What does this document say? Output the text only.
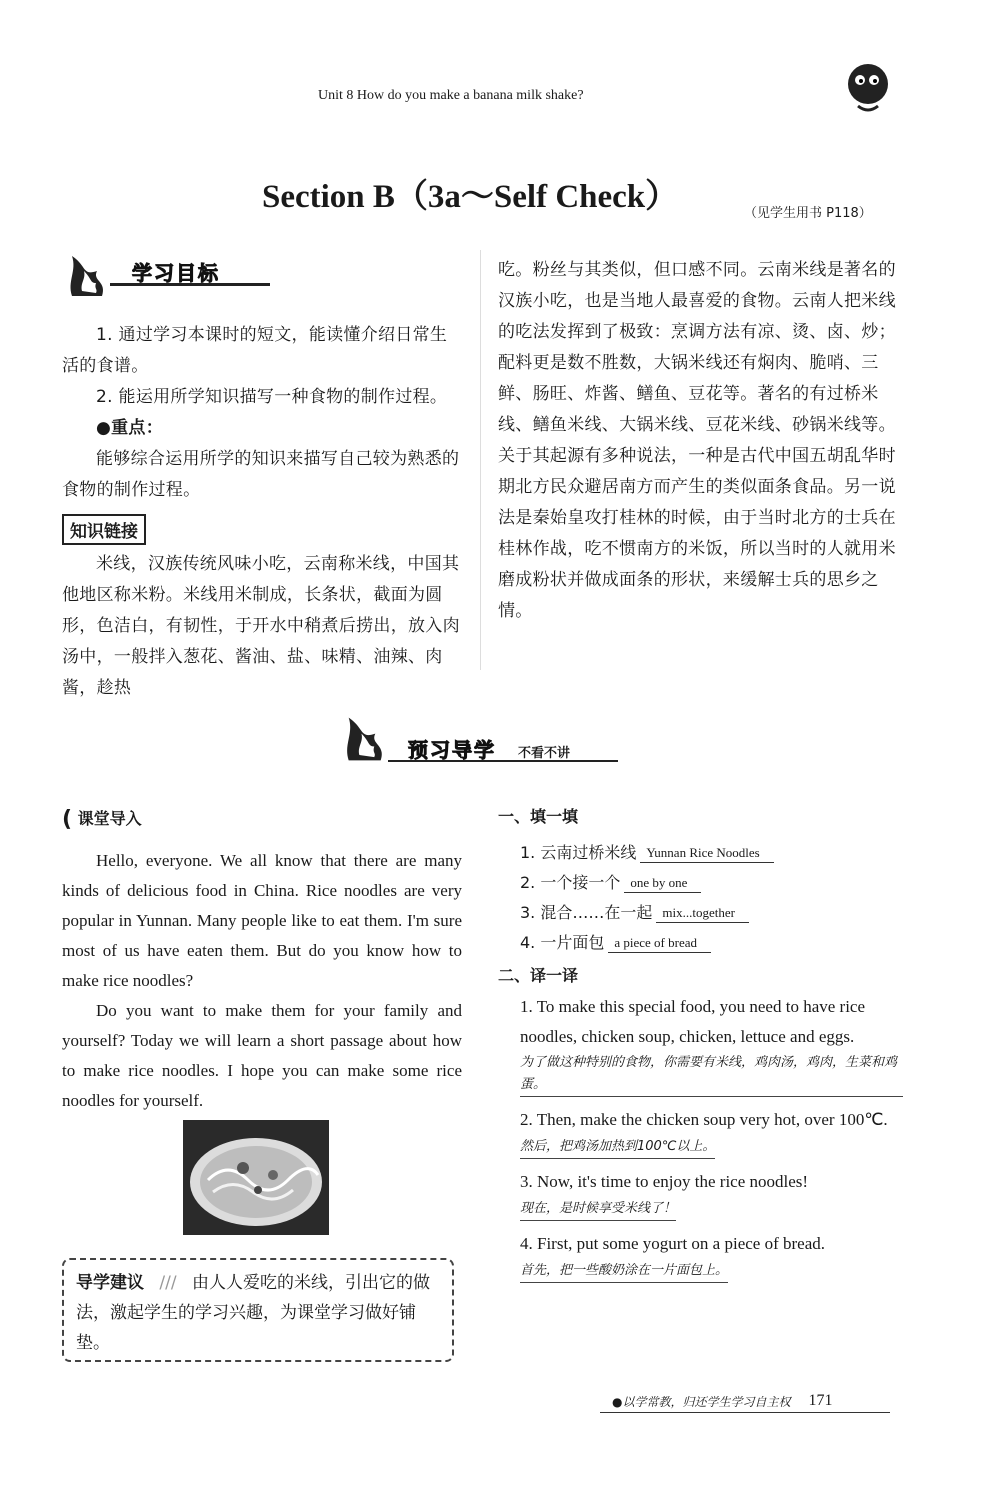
Unit 8 How do you make a banana milk shake?
Section B（3a～Self Check）	（见学生用书 P118）
学习目标

1. 通过学习本课时的短文，能读懂介绍日常生活的食谱。

2. 能运用所学知识描写一种食物的制作过程。

●重点：

能够综合运用所学的知识来描写自己较为熟悉的食物的制作过程。

知识链接

米线，汉族传统风味小吃，云南称米线，中国其他地区称米粉。米线用米制成，长条状，截面为圆形，色洁白，有韧性，于开水中稍煮后捞出，放入肉汤中，一般拌入葱花、酱油、盐、味精、油辣、肉酱，趁热

吃。粉丝与其类似，但口感不同。云南米线是著名的汉族小吃，也是当地人最喜爱的食物。云南人把米线的吃法发挥到了极致：烹调方法有凉、烫、卤、炒；配料更是数不胜数，大锅米线还有焖肉、脆哨、三鲜、肠旺、炸酱、鳝鱼、豆花等。著名的有过桥米线、鳝鱼米线、大锅米线、豆花米线、砂锅米线等。关于其起源有多种说法，一种是古代中国五胡乱华时期北方民众避居南方而产生的类似面条食品。另一说法是秦始皇攻打桂林的时候，由于当时北方的士兵在桂林作战，吃不惯南方的米饭，所以当时的人就用米磨成粉状并做成面条的形状，来缓解士兵的思乡之情。

预习导学 不看不讲
( 课堂导入

Hello, everyone. We all know that there are many kinds of delicious food in China. Rice noodles are very popular in Yunnan. Many people like to eat them. I'm sure most of us have eaten them. But do you know how to make rice noodles?

Do you want to make them for your family and yourself? Today we will learn a short passage about how to make rice noodles. I hope you can make some rice noodles for yourself.

导学建议 /// 由人人爱吃的米线，引出它的做法，激起学生的学习兴趣，为课堂学习做好铺垫。
一、填一填
1. 云南过桥米线 Yunnan Rice Noodles
2. 一个接一个 one by one
3. 混合……在一起 mix...together
4. 一片面包 a piece of bread
二、译一译

1. To make this special food, you need to have rice noodles, chicken soup, chicken, lettuce and eggs.

为了做这种特别的食物，你需要有米线，鸡肉汤，鸡肉，生菜和鸡蛋。

2. Then, make the chicken soup very hot, over 100℃.

然后，把鸡汤加热到100℃以上。

3. Now, it's time to enjoy the rice noodles!

现在，是时候享受米线了！

4. First, put some yogurt on a piece of bread.

首先，把一些酸奶涂在一片面包上。
●以学常教，归还学生学习自主权 171
